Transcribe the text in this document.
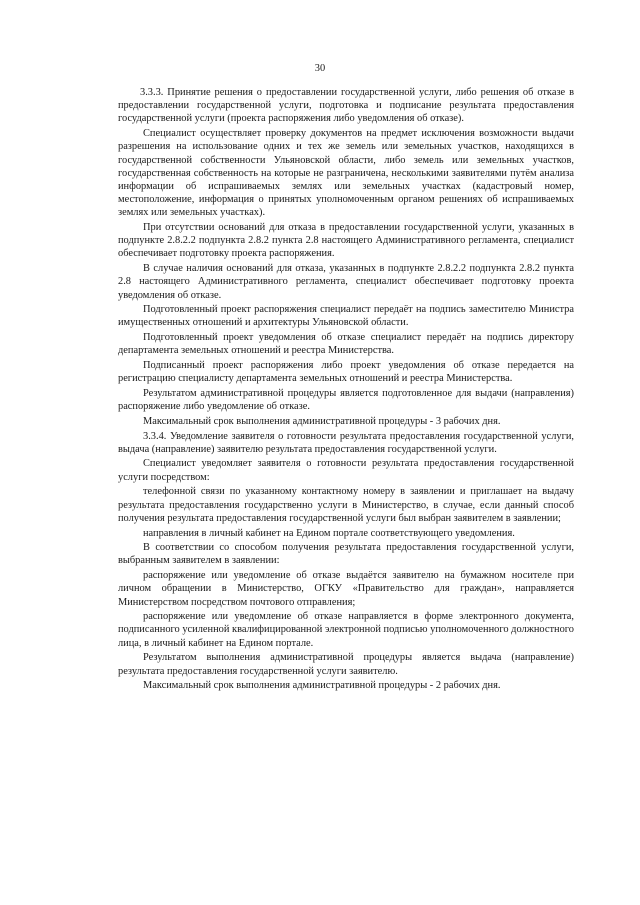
30

3.3.3. Принятие решения о предоставлении государственной услуги, либо решения об отказе в предоставлении государственной услуги, подготовка и подписание результата предоставления государственной услуги (проекта распоряжения либо уведомления об отказе).

Специалист осуществляет проверку документов на предмет исключения возможности выдачи разрешения на использование одних и тех же земель или земельных участков, находящихся в государственной собственности Ульяновской области, либо земель или земельных участков, государственная собственность на которые не разграничена, несколькими заявителями путём анализа информации об испрашиваемых землях или земельных участках (кадастровый номер, местоположение, информация о принятых уполномоченным органом решениях об испрашиваемых землях или земельных участках).

При отсутствии оснований для отказа в предоставлении государственной услуги, указанных в подпункте 2.8.2.2 подпункта 2.8.2 пункта 2.8 настоящего Административного регламента, специалист обеспечивает подготовку проекта распоряжения.

В случае наличия оснований для отказа, указанных в подпункте 2.8.2.2 подпункта 2.8.2 пункта 2.8 настоящего Административного регламента, специалист обеспечивает подготовку проекта уведомления об отказе.

Подготовленный проект распоряжения специалист передаёт на подпись заместителю Министра имущественных отношений и архитектуры Ульяновской области.

Подготовленный проект уведомления об отказе специалист передаёт на подпись директору департамента земельных отношений и реестра Министерства.

Подписанный проект распоряжения либо проект уведомления об отказе передается на регистрацию специалисту департамента земельных отношений и реестра Министерства.

Результатом административной процедуры является подготовленное для выдачи (направления) распоряжение либо уведомление об отказе.

Максимальный срок выполнения административной процедуры - 3 рабочих дня.

3.3.4. Уведомление заявителя о готовности результата предоставления государственной услуги, выдача (направление) заявителю результата предоставления государственной услуги.

Специалист уведомляет заявителя о готовности результата предоставления государственной услуги посредством:

телефонной связи по указанному контактному номеру в заявлении и приглашает на выдачу результата предоставления государственно услуги в Министерство, в случае, если данный способ получения результата предоставления государственной услуги был выбран заявителем в заявлении;

направления в личный кабинет на Едином портале соответствующего уведомления.

В соответствии со способом получения результата предоставления государственной услуги, выбранным заявителем в заявлении:

распоряжение или уведомление об отказе выдаётся заявителю на бумажном носителе при личном обращении в Министерство, ОГКУ «Правительство для граждан», направляется Министерством посредством почтового отправления;

распоряжение или уведомление об отказе направляется в форме электронного документа, подписанного усиленной квалифицированной электронной подписью уполномоченного должностного лица, в личный кабинет на Едином портале.

Результатом выполнения административной процедуры является выдача (направление) результата предоставления государственной услуги заявителю.

Максимальный срок выполнения административной процедуры - 2 рабочих дня.
